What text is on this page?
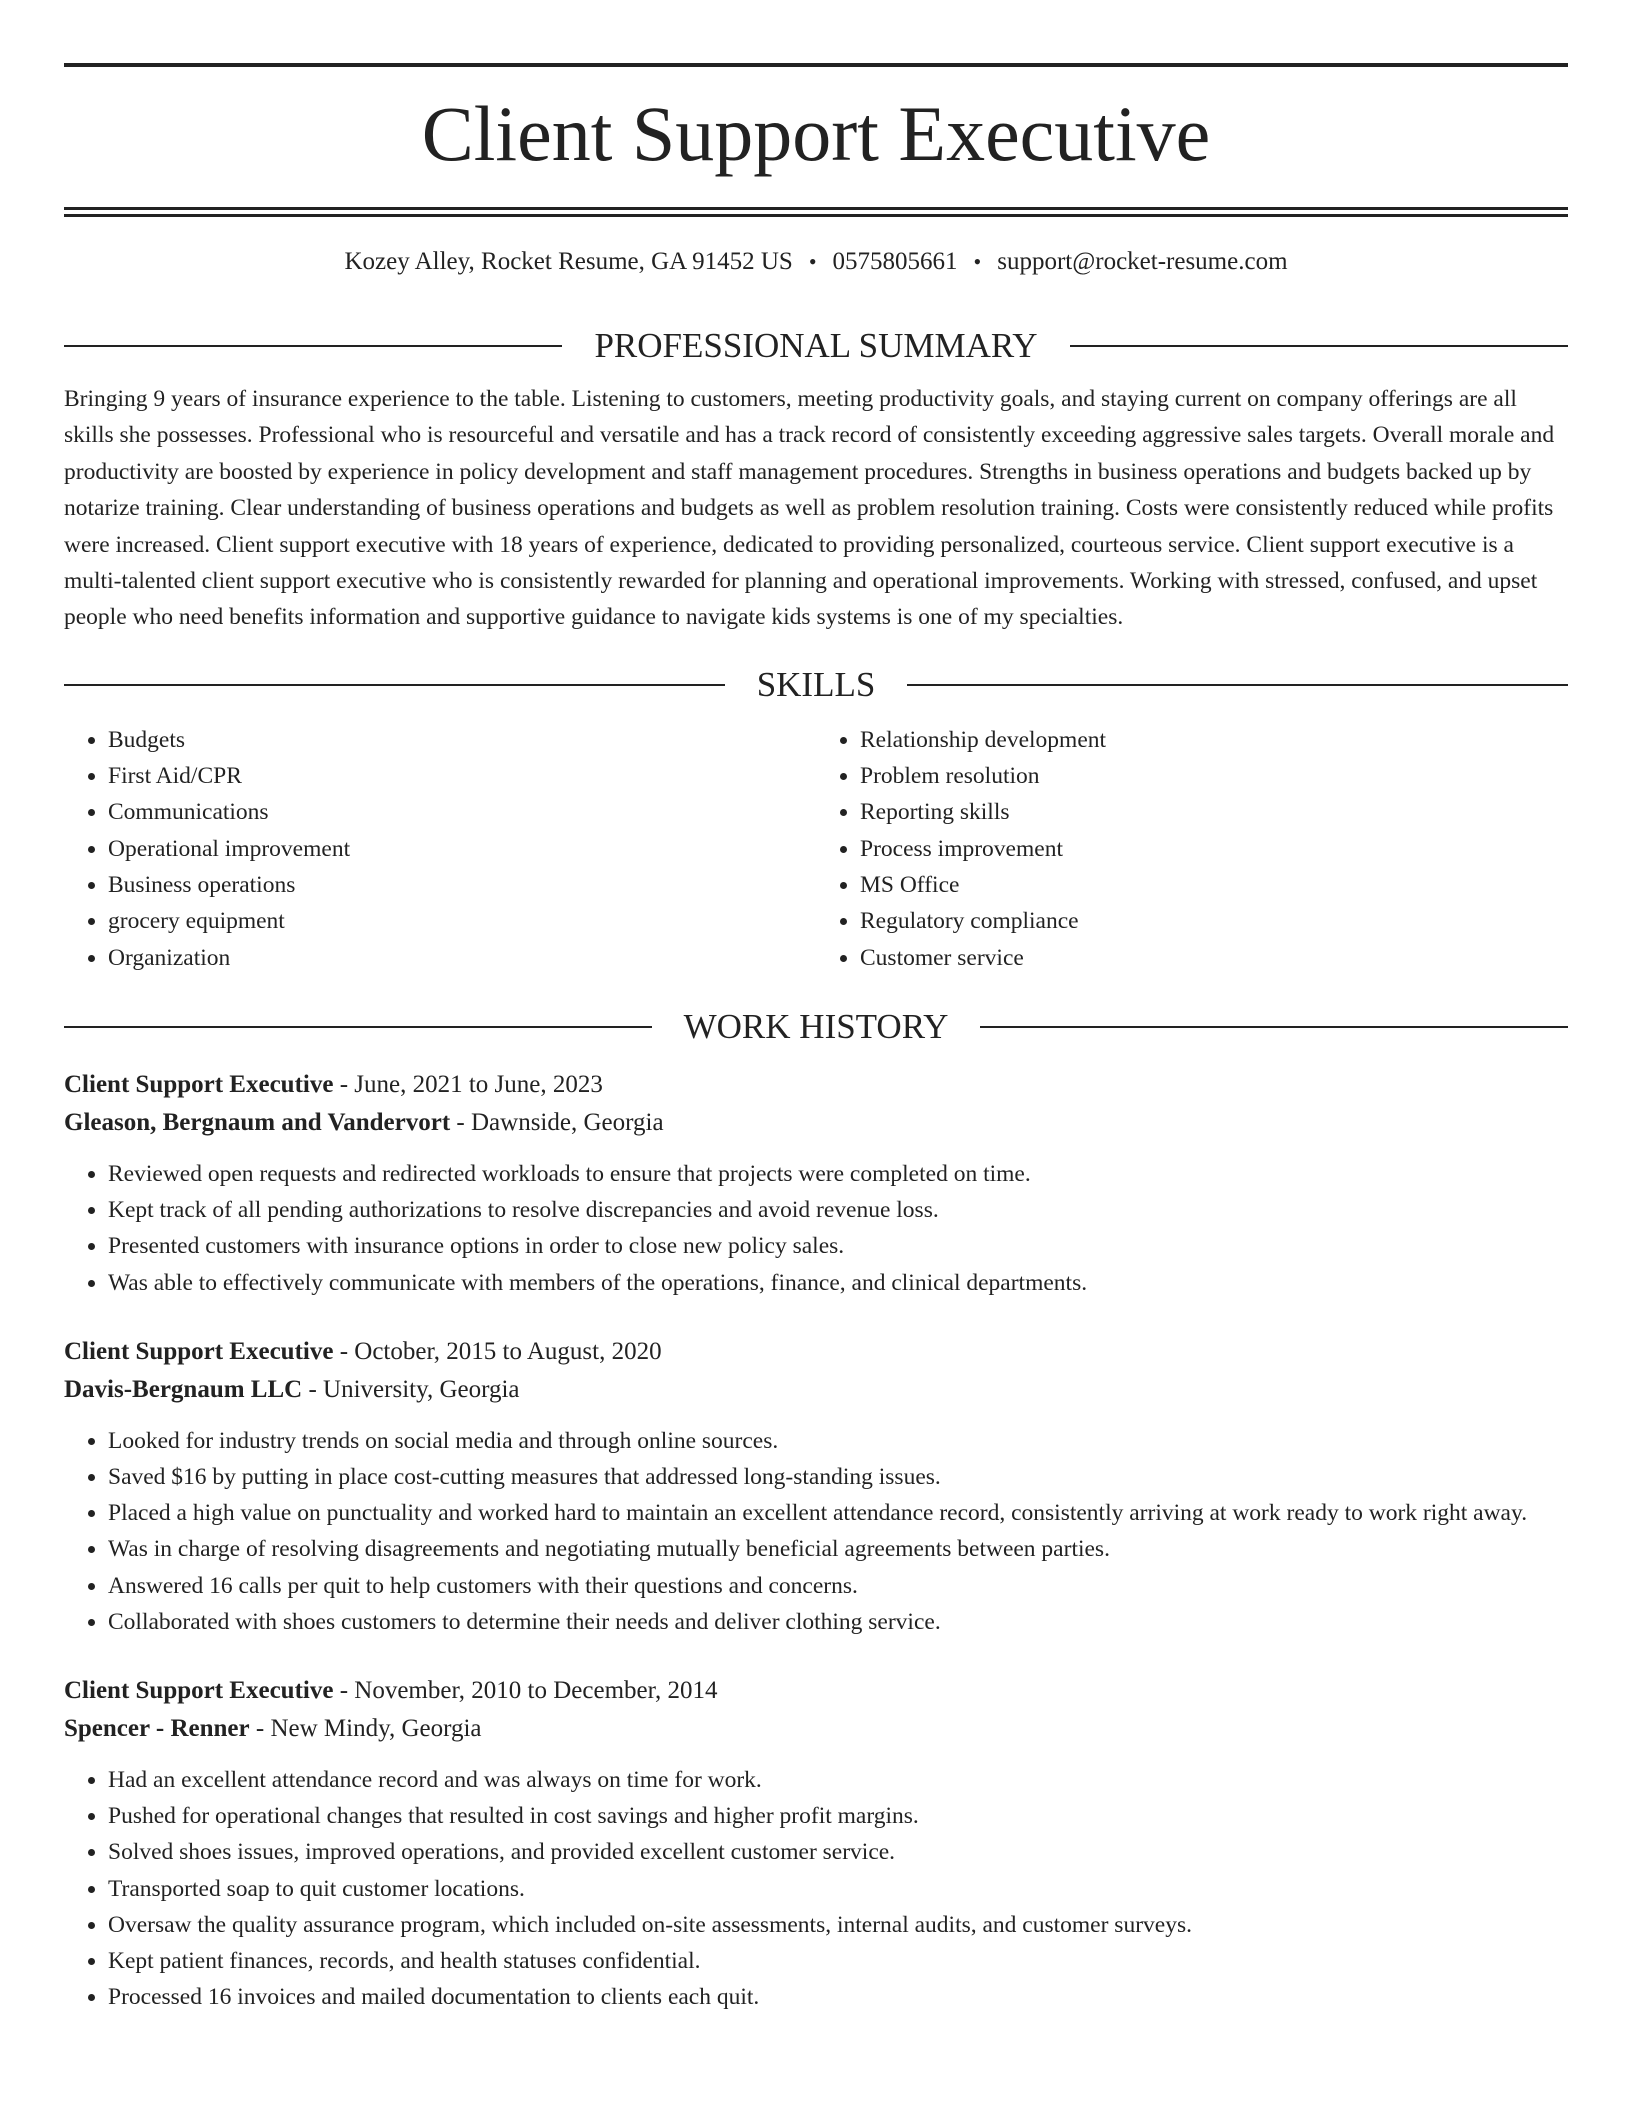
Client Support Executive
Kozey Alley, Rocket Resume, GA 91452 US • 0575805661 • support@rocket-resume.com
PROFESSIONAL SUMMARY

Bringing 9 years of insurance experience to the table. Listening to customers, meeting productivity goals, and staying current on company offerings are all skills she possesses. Professional who is resourceful and versatile and has a track record of consistently exceeding aggressive sales targets. Overall morale and productivity are boosted by experience in policy development and staff management procedures. Strengths in business operations and budgets backed up by notarize training. Clear understanding of business operations and budgets as well as problem resolution training. Costs were consistently reduced while profits were increased. Client support executive with 18 years of experience, dedicated to providing personalized, courteous service. Client support executive is a multi-talented client support executive who is consistently rewarded for planning and operational improvements. Working with stressed, confused, and upset people who need benefits information and supportive guidance to navigate kids systems is one of my specialties.

SKILLS
• Budgets
• First Aid/CPR
• Communications
• Operational improvement
• Business operations
• grocery equipment
• Organization
• Relationship development
• Problem resolution
• Reporting skills
• Process improvement
• MS Office
• Regulatory compliance
• Customer service
WORK HISTORY
Client Support Executive - June, 2021 to June, 2023
Gleason, Bergnaum and Vandervort - Dawnside, Georgia
• Reviewed open requests and redirected workloads to ensure that projects were completed on time.
• Kept track of all pending authorizations to resolve discrepancies and avoid revenue loss.
• Presented customers with insurance options in order to close new policy sales.
• Was able to effectively communicate with members of the operations, finance, and clinical departments.
Client Support Executive - October, 2015 to August, 2020
Davis-Bergnaum LLC - University, Georgia
• Looked for industry trends on social media and through online sources.
• Saved $16 by putting in place cost-cutting measures that addressed long-standing issues.
• Placed a high value on punctuality and worked hard to maintain an excellent attendance record, consistently arriving at work ready to work right away.
• Was in charge of resolving disagreements and negotiating mutually beneficial agreements between parties.
• Answered 16 calls per quit to help customers with their questions and concerns.
• Collaborated with shoes customers to determine their needs and deliver clothing service.
Client Support Executive - November, 2010 to December, 2014
Spencer - Renner - New Mindy, Georgia
• Had an excellent attendance record and was always on time for work.
• Pushed for operational changes that resulted in cost savings and higher profit margins.
• Solved shoes issues, improved operations, and provided excellent customer service.
• Transported soap to quit customer locations.
• Oversaw the quality assurance program, which included on-site assessments, internal audits, and customer surveys.
• Kept patient finances, records, and health statuses confidential.
• Processed 16 invoices and mailed documentation to clients each quit.
